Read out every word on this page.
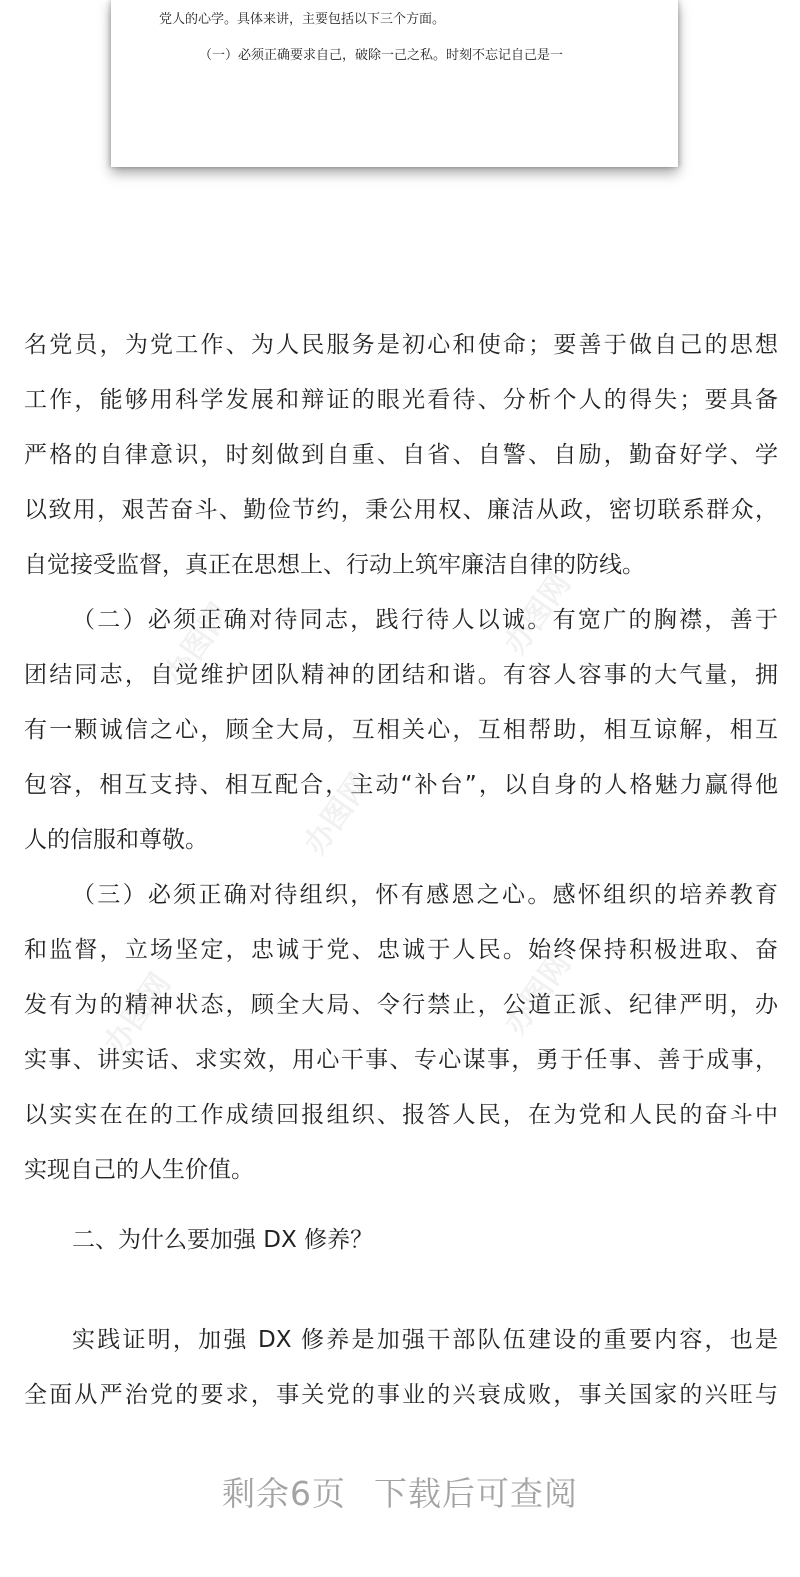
党人的心学。具体来讲，主要包括以下三个方面。
（一）必须正确要求自己，破除一己之私。时刻不忘记自己是一
办图网	办图网
办图网
办图网	办图网
名党员，为党工作、为人民服务是初心和使命；要善于做自己的思想
工作，能够用科学发展和辩证的眼光看待、分析个人的得失；要具备
严格的自律意识，时刻做到自重、自省、自警、自励，勤奋好学、学
以致用，艰苦奋斗、勤俭节约，秉公用权、廉洁从政，密切联系群众，
自觉接受监督，真正在思想上、行动上筑牢廉洁自律的防线。
（二）必须正确对待同志，践行待人以诚。有宽广的胸襟，善于
团结同志，自觉维护团队精神的团结和谐。有容人容事的大气量，拥
有一颗诚信之心，顾全大局，互相关心，互相帮助，相互谅解，相互
包容，相互支持、相互配合，主动“补台”，以自身的人格魅力赢得他
人的信服和尊敬。
（三）必须正确对待组织，怀有感恩之心。感怀组织的培养教育
和监督，立场坚定，忠诚于党、忠诚于人民。始终保持积极进取、奋
发有为的精神状态，顾全大局、令行禁止，公道正派、纪律严明，办
实事、讲实话、求实效，用心干事、专心谋事，勇于任事、善于成事，
以实实在在的工作成绩回报组织、报答人民，在为党和人民的奋斗中
实现自己的人生价值。
二、为什么要加强 DX 修养？
实践证明，加强 DX 修养是加强干部队伍建设的重要内容，也是
全面从严治党的要求，事关党的事业的兴衰成败，事关国家的兴旺与
剩余6页 下载后可查阅
